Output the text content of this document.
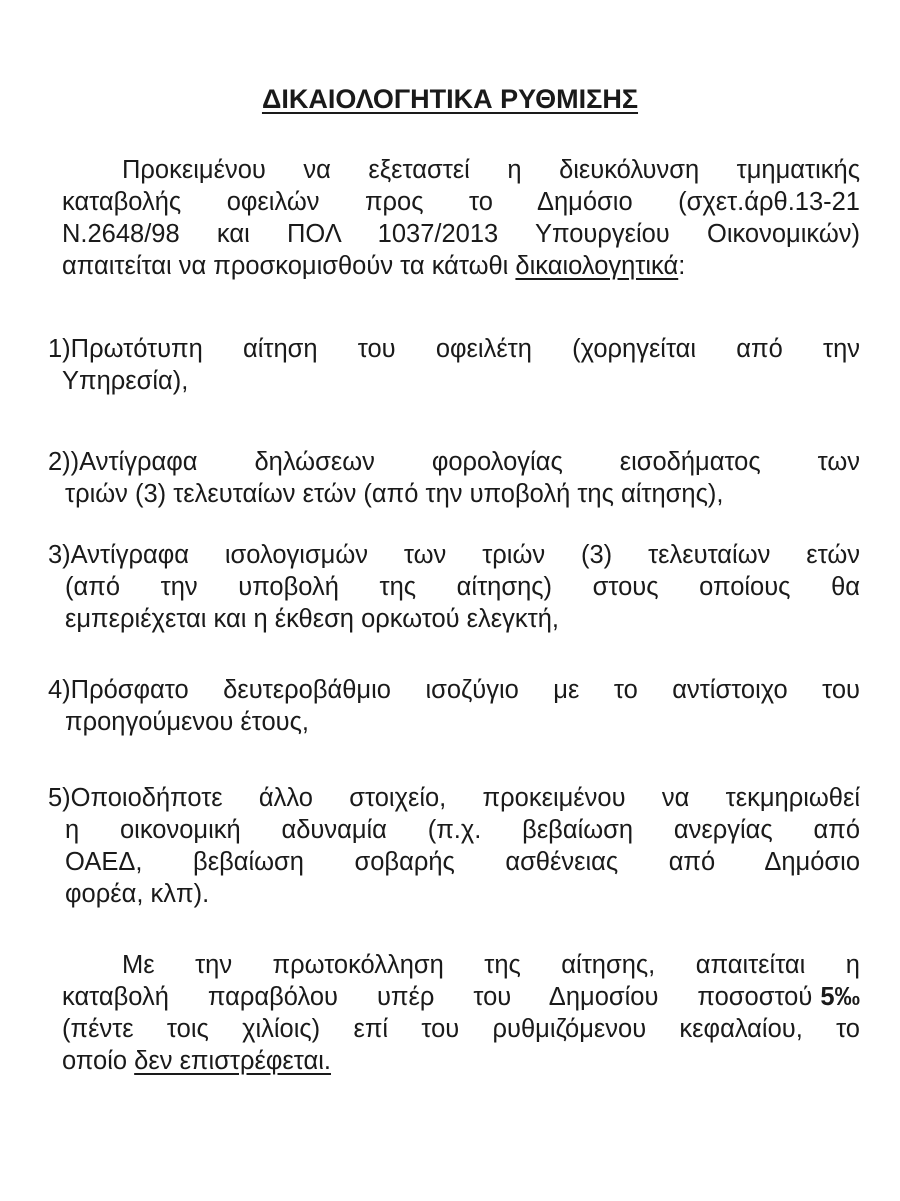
ΔΙΚΑΙΟΛΟΓΗΤΙΚΑ ΡΥΘΜΙΣΗΣ
Προκειμένου να εξεταστεί η διευκόλυνση τμηματικής
καταβολής οφειλών προς το Δημόσιο (σχετ.άρθ.13-21
Ν.2648/98 και ΠΟΛ 1037/2013 Υπουργείου Οικονομικών)
απαιτείται να προσκομισθούν τα κάτωθι δικαιολογητικά:
1)Πρωτότυπη αίτηση του οφειλέτη (χορηγείται από την
Υπηρεσία),
2))Αντίγραφα δηλώσεων φορολογίας εισοδήματος των
τριών (3) τελευταίων ετών (από την υποβολή της αίτησης),
3)Αντίγραφα ισολογισμών των τριών (3) τελευταίων ετών
(από την υποβολή της αίτησης) στους οποίους θα
εμπεριέχεται και η έκθεση ορκωτού ελεγκτή,
4)Πρόσφατο δευτεροβάθμιο ισοζύγιο με το αντίστοιχο του
προηγούμενου έτους,
5)Οποιοδήποτε άλλο στοιχείο, προκειμένου να τεκμηριωθεί
η οικονομική αδυναμία (π.χ. βεβαίωση ανεργίας από
ΟΑΕΔ, βεβαίωση σοβαρής ασθένειας από Δημόσιο
φορέα, κλπ).
Με την πρωτοκόλληση της αίτησης, απαιτείται η
καταβολή παραβόλου υπέρ του Δημοσίου ποσοστού 5‰
(πέντε τοις χιλίοις) επί του ρυθμιζόμενου κεφαλαίου, το
οποίο δεν επιστρέφεται.
